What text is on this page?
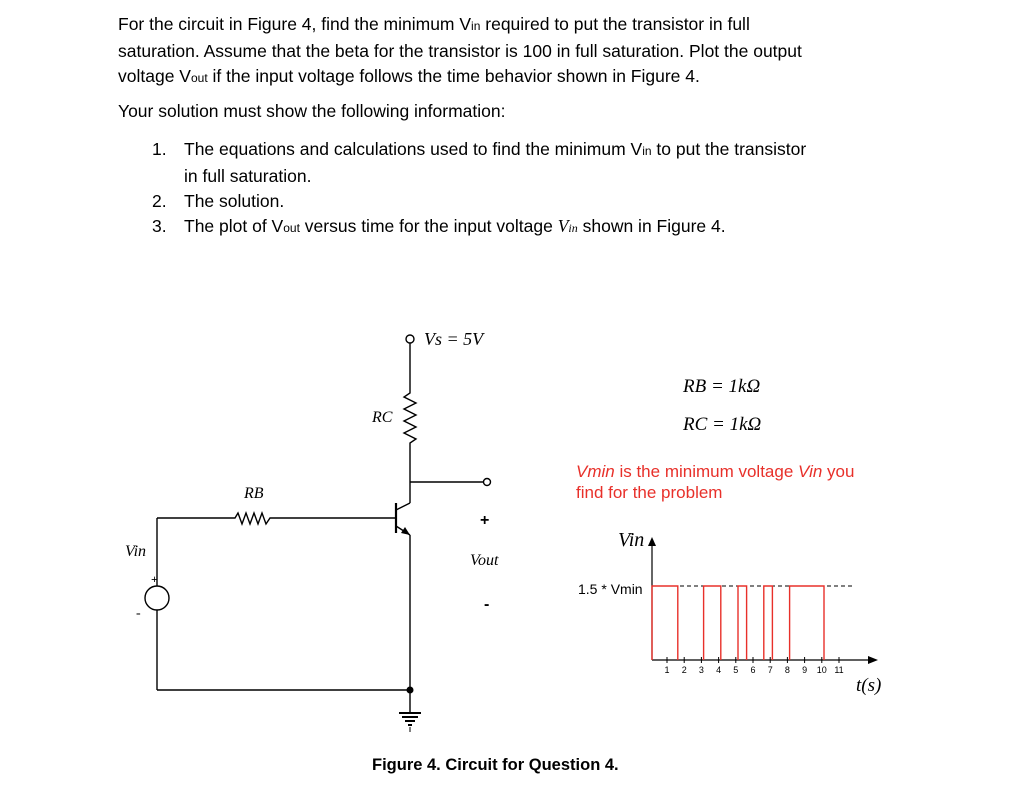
For the circuit in Figure 4, find the minimum Vin required to put the transistor in full
saturation. Assume that the beta for the transistor is 100 in full saturation. Plot the output
voltage Vout if the input voltage follows the time behavior shown in Figure 4.

Your solution must show the following information:

1. The equations and calculations used to find the minimum Vin to put the transistor
in full saturation.
2. The solution.
3. The plot of Vout versus time for the input voltage Vin shown in Figure 4.
Vs = 5V
RC
RB
Vin
+
-
+
Vout
-
RB = 1kΩ
RC = 1kΩ
Vmin is the minimum voltage Vin you
find for the problem
Vin
1.5 * Vmin
t(s)
1 2 3 4 5 6 7 8 9 10 11
Figure 4. Circuit for Question 4.
